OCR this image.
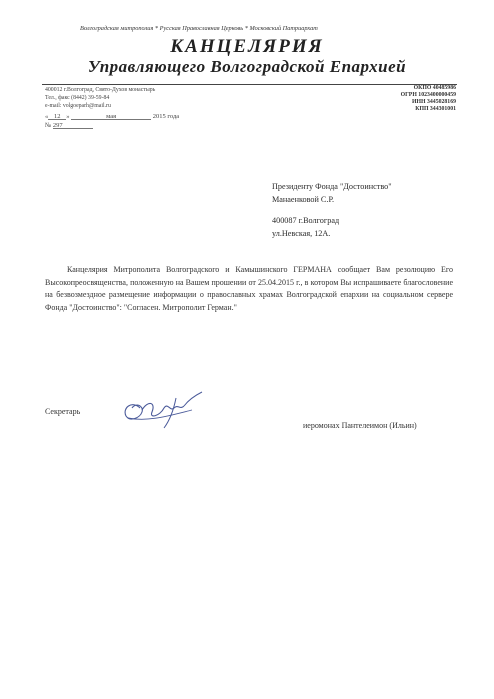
Волгоградская митрополия * Русская Православная Церковь * Московский Патриархат
КАНЦЕЛЯРИЯ
Управляющего Волгоградской Епархией
ОКПО 40485986
ОГРН 1023400000459
ИНН 3445028169
КПП 344301001
400012 г.Волгоград, Свято-Духов монастырь
Тел., факс (8442) 39-59-84
e-mail: volgoeparh@mail.ru
« 12 »	мая	2015 года
№ 297
Президенту Фонда "Достоинство"
Манаенковой С.Р.
400087 г.Волгоград
ул.Невская, 12А.

Канцелярия Митрополита Волгоградского и Камышинского ГЕРМАНА сообщает Вам резолюцию Его Высокопреосвященства, положенную на Вашем прошении от 25.04.2015 г., в котором Вы испрашиваете благословение на безвозмездное размещение информации о православных храмах Волгоградской епархии на социальном сервере Фонда "Достоинство": "Согласен. Митрополит Герман."

Секретарь
иеромонах Пантелеимон (Ильин)
